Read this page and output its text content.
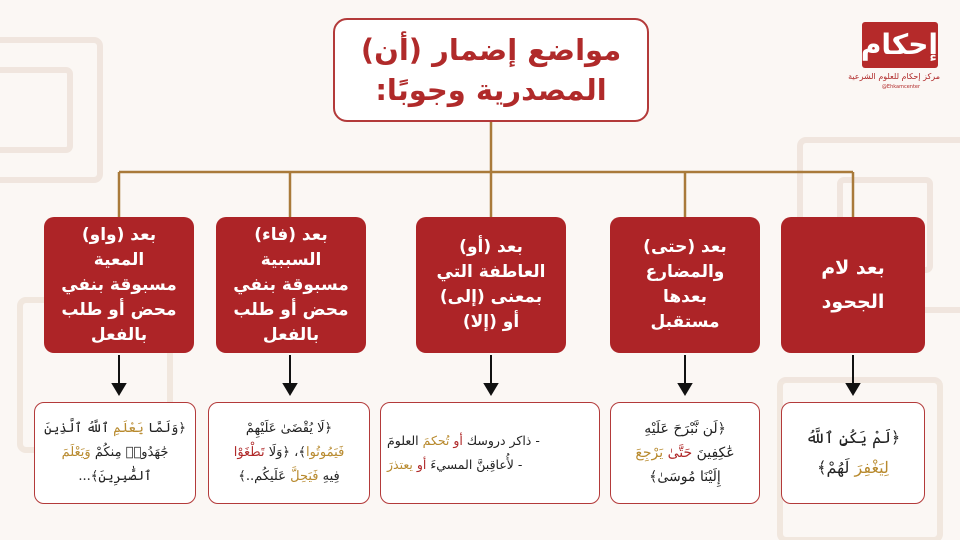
مواضع إضمار (أن)
المصدرية وجوبًا:
إحكام
مركز إحكام للعلوم الشرعية
@Ehkamcenter
بعد لام
الجحود
بعد (حتى)
والمضارع
بعدها
مستقبل
بعد (أو)
العاطفة التي
بمعنى (إلى)
أو (إلا)
بعد (فاء)
السببية
مسبوقة بنفي
محض أو طلب
بالفعل
بعد (واو)
المعية
مسبوقة بنفي
محض أو طلب
بالفعل
﴿لَمْ يَكُنِ ٱللَّهُ
لِيَغْفِرَ لَهُمْ﴾
﴿لَن نَّبْرَحَ عَلَيْهِ
عَٰكِفِينَ حَتَّىٰ يَرْجِعَ
إِلَيْنَا مُوسَىٰ﴾
- ذاكر دروسك أو تُحكمَ العلومَ
- لأُعاقِبنَّ المسيءَ أو يعتذرَ
﴿لَا يُقْضَىٰ عَلَيْهِمْ
فَيَمُوتُوا﴾، ﴿وَلَا تَطْغَوْا
فِيهِ فَيَحِلَّ عَلَيكُم..﴾
﴿وَلَمَّا يَعْلَمِ ٱللَّهُ ٱلَّذِينَ
جَٰهَدُوا۟ مِنكُمْ وَيَعْلَمَ
ٱلصَّٰبِرِينَ﴾...
